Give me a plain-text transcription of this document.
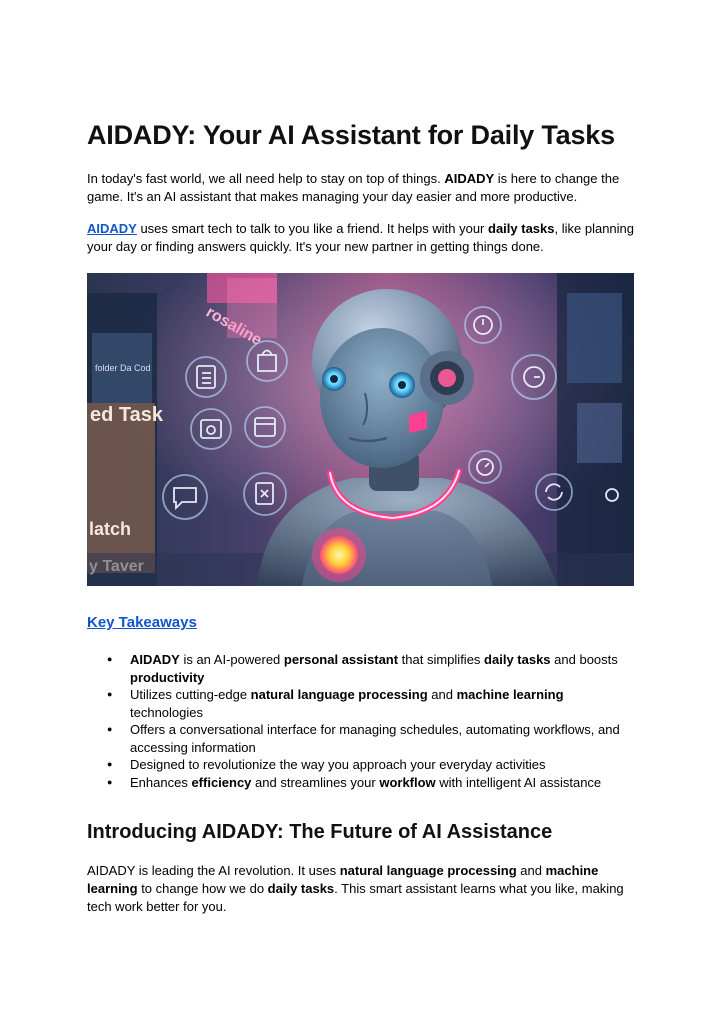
AIDADY: Your AI Assistant for Daily Tasks

In today's fast world, we all need help to stay on top of things. AIDADY is here to change the game. It's an AI assistant that makes managing your day easier and more productive.

AIDADY uses smart tech to talk to you like a friend. It helps with your daily tasks, like planning your day or finding answers quickly. It's your new partner in getting things done.

ed Task
latch
rosaline
folder Da Cod
Key Takeaways
● AIDADY is an AI-powered personal assistant that simplifies daily tasks and boosts productivity
● Utilizes cutting-edge natural language processing and machine learning technologies
● Offers a conversational interface for managing schedules, automating workflows, and accessing information
● Designed to revolutionize the way you approach your everyday activities
● Enhances efficiency and streamlines your workflow with intelligent AI assistance
Introducing AIDADY: The Future of AI Assistance

AIDADY is leading the AI revolution. It uses natural language processing and machine learning to change how we do daily tasks. This smart assistant learns what you like, making tech work better for you.
